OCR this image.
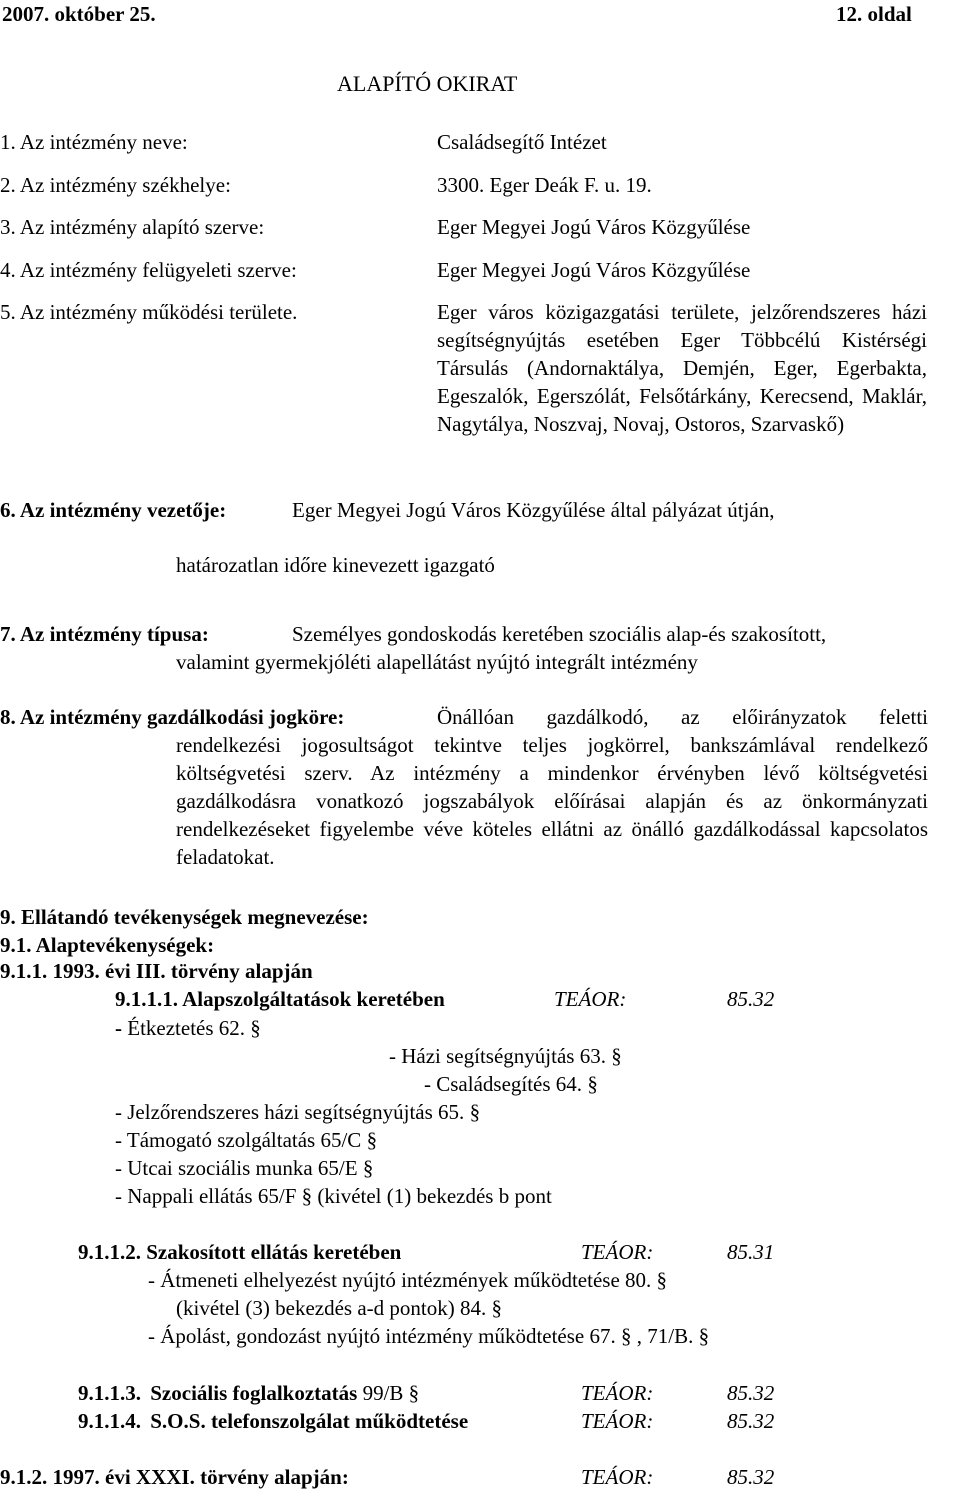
2007. október 25.	12. oldal
ALAPÍTÓ OKIRAT
1. Az intézmény neve:	Családsegítő Intézet
2. Az intézmény székhelye:	3300. Eger Deák F. u. 19.
3. Az intézmény alapító szerve:	Eger Megyei Jogú Város Közgyűlése
4. Az intézmény felügyeleti szerve:	Eger Megyei Jogú Város Közgyűlése
5. Az intézmény működési területe.	Eger város közigazgatási területe, jelzőrendszeres házi segítségnyújtás esetében Eger Többcélú Kistérségi Társulás (Andornaktálya, Demjén, Eger, Egerbakta, Egeszalók, Egerszólát, Felsőtárkány, Kerecsend, Maklár, Nagytálya, Noszvaj, Novaj, Ostoros, Szarvaskő)
6. Az intézmény vezetője:	Eger Megyei Jogú Város Közgyűlése által pályázat útján,
határozatlan időre kinevezett igazgató
7. Az intézmény típusa:	Személyes gondoskodás keretében szociális alap-és szakosított,
valamint gyermekjóléti alapellátást nyújtó integrált intézmény
8. Az intézmény gazdálkodási jogköre:	Önállóan gazdálkodó, az előirányzatok feletti
rendelkezési jogosultságot tekintve teljes jogkörrel, bankszámlával rendelkező költségvetési szerv. Az intézmény a mindenkor érvényben lévő költségvetési gazdálkodásra vonatkozó jogszabályok előírásai alapján és az önkormányzati rendelkezéseket figyelembe véve köteles ellátni az önálló gazdálkodással kapcsolatos feladatokat.
9. Ellátandó tevékenységek megnevezése:
9.1. Alaptevékenységek:
9.1.1. 1993. évi III. törvény alapján
9.1.1.1. Alapszolgáltatások keretében	TEÁOR:	85.32
- Étkeztetés 62. §
- Házi segítségnyújtás 63. §
- Családsegítés 64. §
- Jelzőrendszeres házi segítségnyújtás 65. §
- Támogató szolgáltatás 65/C §
- Utcai szociális munka 65/E §
- Nappali ellátás 65/F § (kivétel (1) bekezdés b pont
9.1.1.2. Szakosított ellátás keretében	TEÁOR:	85.31
- Átmeneti elhelyezést nyújtó intézmények működtetése 80. §
(kivétel (3) bekezdés a-d pontok) 84. §
- Ápolást, gondozást nyújtó intézmény működtetése 67. § , 71/B. §
9.1.1.3. Szociális foglalkoztatás 99/B §	TEÁOR:	85.32
9.1.1.4. S.O.S. telefonszolgálat működtetése	TEÁOR:	85.32
9.1.2. 1997. évi XXXI. törvény alapján:	TEÁOR:	85.32
